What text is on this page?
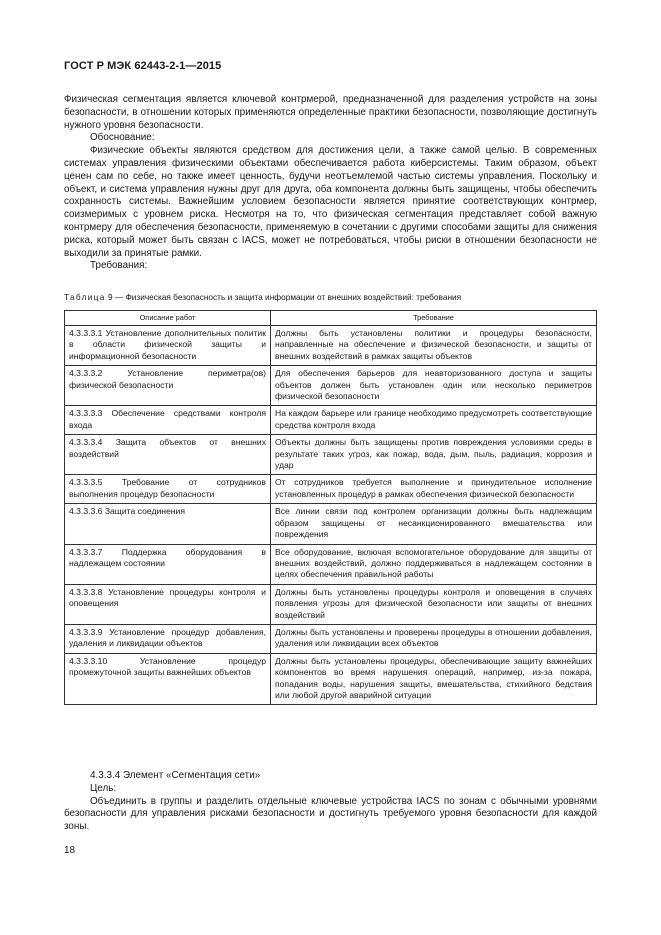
ГОСТ Р МЭК 62443-2-1—2015

Физическая сегментация является ключевой контрмерой, предназначенной для разделения устройств на зоны безопасности, в отношении которых применяются определенные практики безопасности, позволяющие достигнуть нужного уровня безопасности.

Обоснование:

Физические объекты являются средством для достижения цели, а также самой целью. В современных системах управления физическими объектами обеспечивается работа киберсистемы. Таким образом, объект ценен сам по себе, но также имеет ценность, будучи неотъемлемой частью системы управления. Поскольку и объект, и система управления нужны друг для друга, оба компонента должны быть защищены, чтобы обеспечить сохранность системы. Важнейшим условием безопасности является принятие соответствующих контрмер, соизмеримых с уровнем риска. Несмотря на то, что физическая сегментация представляет собой важную контрмеру для обеспечения безопасности, применяемую в сочетании с другими способами защиты для снижения риска, который может быть связан с IACS, может не потребоваться, чтобы риски в отношении безопасности не выходили за принятые рамки.

Требования:

Таблица 9 — Физическая безопасность и защита информации от внешних воздействий: требования
Описание работ	Требование
4.3.3.3.1 Установление дополнительных политик в области физической защиты и информационной безопасности	Должны быть установлены политики и процедуры безопасности, направленные на обеспечение и физической безопасности, и защиты от внешних воздействий в рамках защиты объектов
4.3.3.3.2 Установление периметра(ов) физической безопасности	Для обеспечения барьеров для неавторизованного доступа и защиты объектов должен быть установлен один или несколько периметров физической безопасности
4.3.3.3.3 Обеспечение средствами контроля входа	На каждом барьере или границе необходимо предусмотреть соответствующие средства контроля входа
4.3.3.3.4 Защита объектов от внешних воздействий	Объекты должны быть защищены против повреждения условиями среды в результате таких угроз, как пожар, вода, дым, пыль, радиация, коррозия и удар
4.3.3.3.5 Требование от сотрудников выполнения процедур безопасности	От сотрудников требуется выполнение и принудительное исполнение установленных процедур в рамках обеспечения физической безопасности
4.3.3.3.6 Защита соединения	Все линии связи под контролем организации должны быть надлежащим образом защищены от несанкционированного вмешательства или повреждения
4.3.3.3.7 Поддержка оборудования в надлежащем состоянии	Все оборудование, включая вспомогательное оборудование для защиты от внешних воздействий, должно поддерживаться в надлежащем состоянии в целях обеспечения правильной работы
4.3.3.3.8 Установление процедуры контроля и оповещения	Должны быть установлены процедуры контроля и оповещения в случаях появления угрозы для физической безопасности или защиты от внешних воздействий
4.3.3.3.9 Установление процедур добавления, удаления и ликвидации объектов	Должны быть установлены и проверены процедуры в отношении добавления, удаления или ликвидации всех объектов
4.3.3.3.10 Установление процедур промежуточной защиты важнейших объектов	Должны быть установлены процедуры, обеспечивающие защиту важнейших компонентов во время нарушения операций, например, из-за пожара, попадания воды, нарушения защиты, вмешательства, стихийного бедствия или любой другой аварийной ситуации

4.3.3.4 Элемент «Сегментация сети»

Цель:

Объединить в группы и разделить отдельные ключевые устройства IACS по зонам с обычными уровнями безопасности для управления рисками безопасности и достигнуть требуемого уровня безопасности для каждой зоны.

18
